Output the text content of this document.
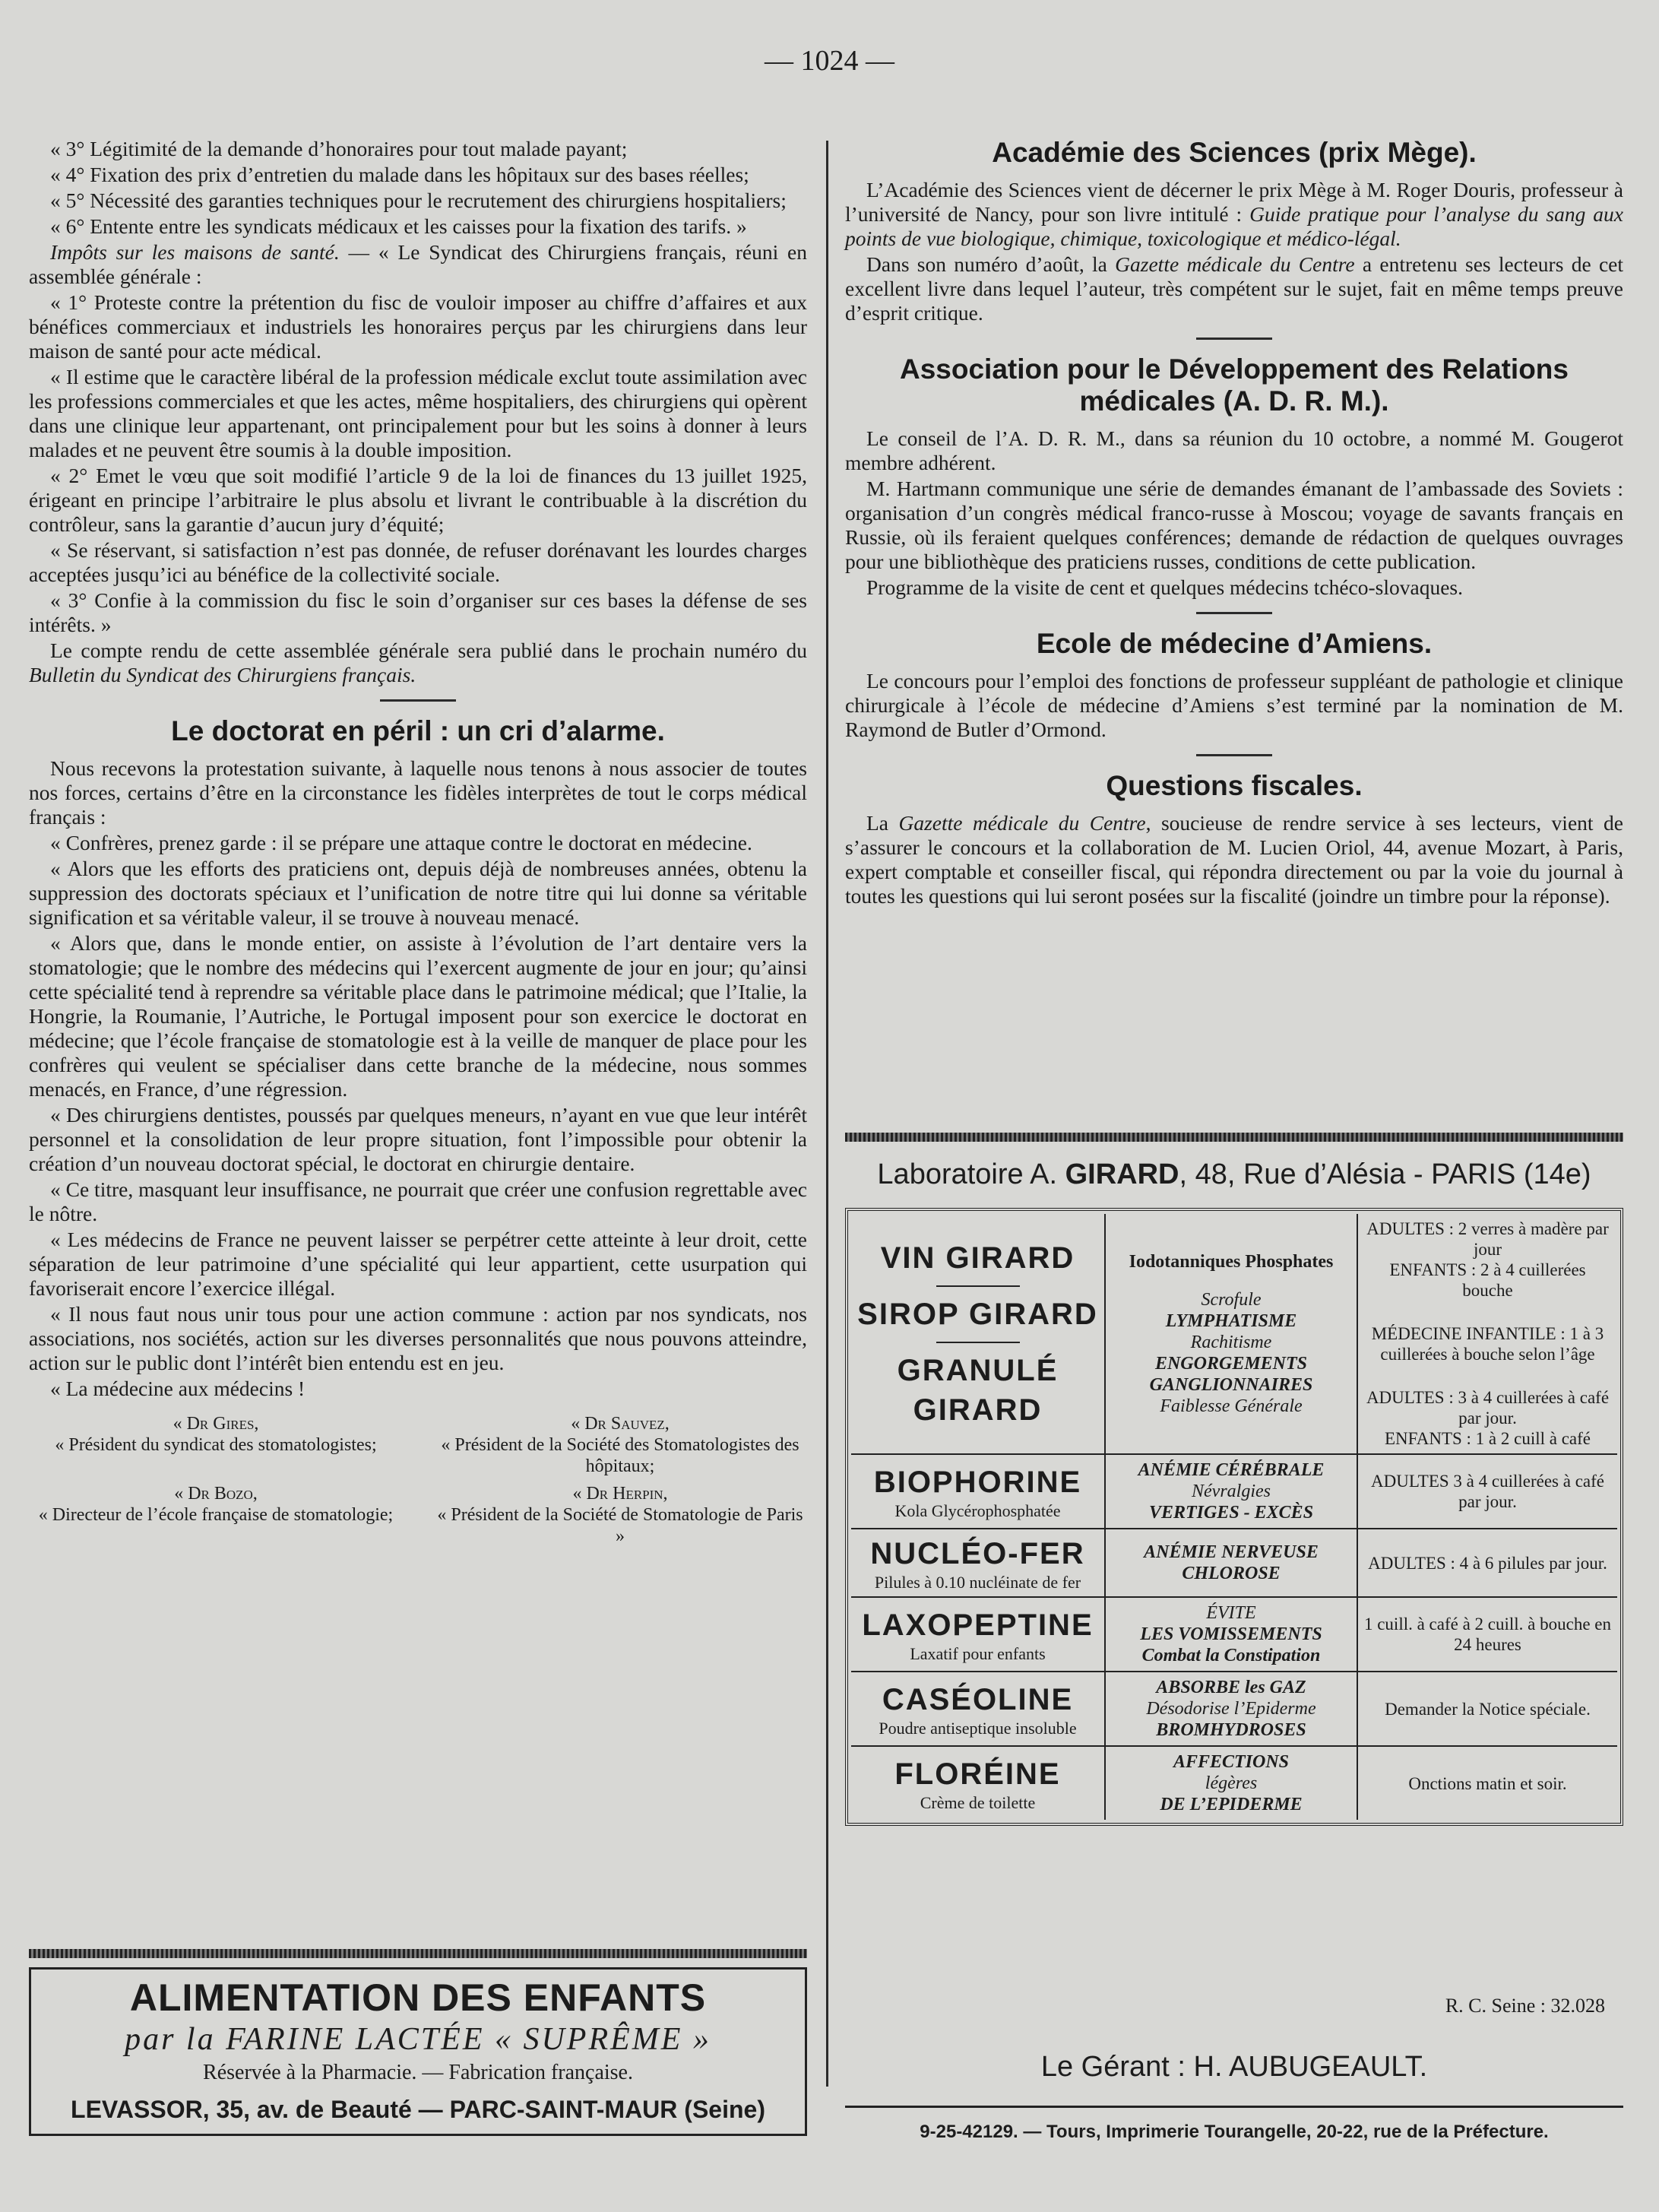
— 1024 —

« 3° Légitimité de la demande d’honoraires pour tout malade payant;

« 4° Fixation des prix d’entretien du malade dans les hôpitaux sur des bases réelles;

« 5° Nécessité des garanties techniques pour le recrutement des chirurgiens hospitaliers;

« 6° Entente entre les syndicats médicaux et les caisses pour la fixation des tarifs. »

Impôts sur les maisons de santé. — « Le Syndicat des Chirurgiens français, réuni en assemblée générale :

« 1° Proteste contre la prétention du fisc de vouloir imposer au chiffre d’affaires et aux bénéfices commerciaux et industriels les honoraires perçus par les chirurgiens dans leur maison de santé pour acte médical.

« Il estime que le caractère libéral de la profession médicale exclut toute assimilation avec les professions commerciales et que les actes, même hospitaliers, des chirurgiens qui opèrent dans une clinique leur appartenant, ont principalement pour but les soins à donner à leurs malades et ne peuvent être soumis à la double imposition.

« 2° Emet le vœu que soit modifié l’article 9 de la loi de finances du 13 juillet 1925, érigeant en principe l’arbitraire le plus absolu et livrant le contribuable à la discrétion du contrôleur, sans la garantie d’aucun jury d’équité;

« Se réservant, si satisfaction n’est pas donnée, de refuser dorénavant les lourdes charges acceptées jusqu’ici au bénéfice de la collectivité sociale.

« 3° Confie à la commission du fisc le soin d’organiser sur ces bases la défense de ses intérêts. »

Le compte rendu de cette assemblée générale sera publié dans le prochain numéro du Bulletin du Syndicat des Chirurgiens français.

Le doctorat en péril : un cri d’alarme.

Nous recevons la protestation suivante, à laquelle nous tenons à nous associer de toutes nos forces, certains d’être en la circonstance les fidèles interprètes de tout le corps médical français :

« Confrères, prenez garde : il se prépare une attaque contre le doctorat en médecine.

« Alors que les efforts des praticiens ont, depuis déjà de nombreuses années, obtenu la suppression des doctorats spéciaux et l’unification de notre titre qui lui donne sa véritable signification et sa véritable valeur, il se trouve à nouveau menacé.

« Alors que, dans le monde entier, on assiste à l’évolution de l’art dentaire vers la stomatologie; que le nombre des médecins qui l’exercent augmente de jour en jour; qu’ainsi cette spécialité tend à reprendre sa véritable place dans le patrimoine médical; que l’Italie, la Hongrie, la Roumanie, l’Autriche, le Portugal imposent pour son exercice le doctorat en médecine; que l’école française de stomatologie est à la veille de manquer de place pour les confrères qui veulent se spécialiser dans cette branche de la médecine, nous sommes menacés, en France, d’une régression.

« Des chirurgiens dentistes, poussés par quelques meneurs, n’ayant en vue que leur intérêt personnel et la consolidation de leur propre situation, font l’impossible pour obtenir la création d’un nouveau doctorat spécial, le doctorat en chirurgie dentaire.

« Ce titre, masquant leur insuffisance, ne pourrait que créer une confusion regrettable avec le nôtre.

« Les médecins de France ne peuvent laisser se perpétrer cette atteinte à leur droit, cette séparation de leur patrimoine d’une spécialité qui leur appartient, cette usurpation qui favoriserait encore l’exercice illégal.

« Il nous faut nous unir tous pour une action commune : action par nos syndicats, nos associations, nos sociétés, action sur les diverses personnalités que nous pouvons atteindre, action sur le public dont l’intérêt bien entendu est en jeu.

« La médecine aux médecins !

« Dr Gires,
« Président du syndicat des stomatologistes;
« Dr Sauvez,
« Président de la Société des Stomatologistes des hôpitaux;
« Dr Bozo,
« Directeur de l’école française de stomatologie;
« Dr Herpin,
« Président de la Société de Stomatologie de Paris »
ALIMENTATION DES ENFANTS
par la FARINE LACTÉE « SUPRÊME »
Réservée à la Pharmacie. — Fabrication française.
LEVASSOR, 35, av. de Beauté — PARC-SAINT-MAUR (Seine)
Académie des Sciences (prix Mège).

L’Académie des Sciences vient de décerner le prix Mège à M. Roger Douris, professeur à l’université de Nancy, pour son livre intitulé : Guide pratique pour l’analyse du sang aux points de vue biologique, chimique, toxicologique et médico-légal.

Dans son numéro d’août, la Gazette médicale du Centre a entretenu ses lecteurs de cet excellent livre dans lequel l’auteur, très compétent sur le sujet, fait en même temps preuve d’esprit critique.

Association pour le Développement des Relations médicales (A. D. R. M.).

Le conseil de l’A. D. R. M., dans sa réunion du 10 octobre, a nommé M. Gougerot membre adhérent.

M. Hartmann communique une série de demandes émanant de l’ambassade des Soviets : organisation d’un congrès médical franco-russe à Moscou; voyage de savants français en Russie, où ils feraient quelques conférences; demande de rédaction de quelques ouvrages pour une bibliothèque des praticiens russes, conditions de cette publication.

Programme de la visite de cent et quelques médecins tchéco-slovaques.

Ecole de médecine d’Amiens.

Le concours pour l’emploi des fonctions de professeur suppléant de pathologie et clinique chirurgicale à l’école de médecine d’Amiens s’est terminé par la nomination de M. Raymond de Butler d’Ormond.

Questions fiscales.

La Gazette médicale du Centre, soucieuse de rendre service à ses lecteurs, vient de s’assurer le concours et la collaboration de M. Lucien Oriol, 44, avenue Mozart, à Paris, expert comptable et conseiller fiscal, qui répondra directement ou par la voie du journal à toutes les questions qui lui seront posées sur la fiscalité (joindre un timbre pour la réponse).

Laboratoire A. GIRARD, 48, Rue d’Alésia - PARIS (14e)
VIN GIRARD
SIROP GIRARD
GRANULÉ GIRARD
Iodotanniques Phosphates
Scrofule
LYMPHATISME
Rachitisme
ENGORGEMENTS
GANGLIONNAIRES
Faiblesse Générale
ADULTES : 2 verres à madère par jour
ENFANTS : 2 à 4 cuillerées bouche
MÉDECINE INFANTILE : 1 à 3 cuillerées à bouche selon l’âge
ADULTES : 3 à 4 cuillerées à café par jour.
ENFANTS : 1 à 2 cuill à café
BIOPHORINE
Kola Glycérophosphatée
ANÉMIE CÉRÉBRALE
Névralgies
VERTIGES - EXCÈS
ADULTES 3 à 4 cuillerées à café par jour.
NUCLÉO-FER
Pilules à 0.10 nucléinate de fer
ANÉMIE NERVEUSE
CHLOROSE
ADULTES : 4 à 6 pilules par jour.
LAXOPEPTINE
Laxatif pour enfants
ÉVITE
LES VOMISSEMENTS
Combat la Constipation
1 cuill. à café à 2 cuill. à bouche en 24 heures
CASÉOLINE
Poudre antiseptique insoluble
ABSORBE les GAZ
Désodorise l’Epiderme
BROMHYDROSES
Demander la Notice spéciale.
FLORÉINE
Crème de toilette
AFFECTIONS
légères
DE L’EPIDERME
Onctions matin et soir.
R. C. Seine : 32.028
Le Gérant : H. AUBUGEAULT.
9-25-42129. — Tours, Imprimerie Tourangelle, 20-22, rue de la Préfecture.
